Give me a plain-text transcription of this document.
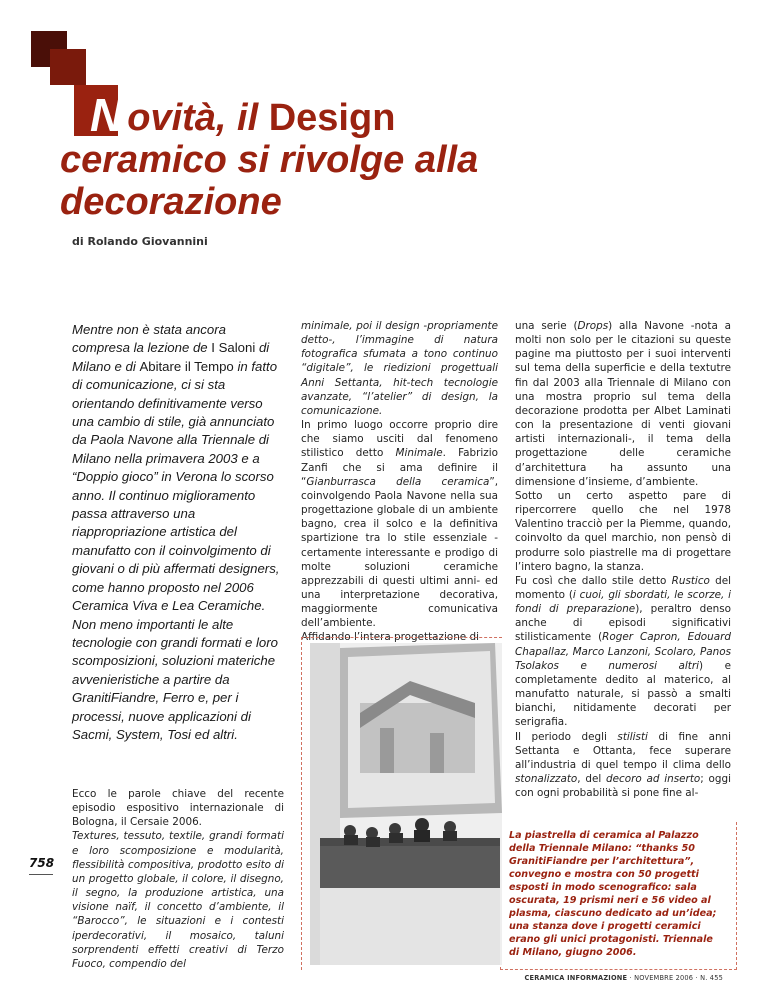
N ovità, il Design
ceramico si rivolge alla
decorazione
di Rolando Giovannini

Mentre non è stata ancora compresa la lezione de I Saloni di Milano e di Abitare il Tempo in fatto di comunicazione, ci si sta orientando definitivamente verso una cambio di stile, già annunciato da Paola Navone alla Triennale di Milano nella primavera 2003 e a “Doppio gioco” in Verona lo scorso anno. Il continuo miglioramento passa attraverso una riappropriazione artistica del manufatto con il coinvolgimento di giovani o di più affermati designers, come hanno proposto nel 2006 Ceramica Viva e Lea Ceramiche.
Non meno importanti le alte tecnologie con grandi formati e loro scomposizioni, soluzioni materiche avvenieristiche a partire da GranitiFiandre, Ferro e, per i processi, nuove applicazioni di Sacmi, System, Tosi ed altri.

Ecco le parole chiave del recente episodio espositivo internazionale di Bologna, il Cersaie 2006.
Textures, tessuto, textile, grandi formati e loro scomposizione e modularità, flessibilità compositiva, prodotto esito di un progetto globale, il colore, il disegno, il segno, la produzione artistica, una visione naïf, il concetto d’ambiente, il “Barocco”, le situazioni e i contesti iperdecorativi, il mosaico, taluni sorprendenti effetti creativi di Terzo Fuoco, compendio del

minimale, poi il design -propriamente detto-, l’immagine di natura fotografica sfumata a tono continuo “digitale”, le riedizioni progettuali Anni Settanta, hit-tech tecnologie avanzate, “l’atelier” di design, la comunicazione.
In primo luogo occorre proprio dire che siamo usciti dal fenomeno stilistico detto Minimale. Fabrizio Zanfi che si ama definire il “Gianburrasca della ceramica”, coinvolgendo Paola Navone nella sua progettazione globale di un ambiente bagno, crea il solco e la definitiva spartizione tra lo stile essenziale -certamente interessante e prodigo di molte soluzioni ceramiche apprezzabili di questi ultimi anni- ed una interpretazione decorativa, maggiormente comunicativa dell’ambiente.
Affidando l’intera progettazione di

una serie (Drops) alla Navone -nota a molti non solo per le citazioni su queste pagine ma piuttosto per i suoi interventi sul tema della superficie e della textutre fin dal 2003 alla Triennale di Milano con una mostra proprio sul tema della decorazione prodotta per Albet Laminati con la presentazione di venti giovani artisti internazionali-, il tema della progettazione delle ceramiche d’architettura ha assunto una dimensione d’insieme, d’ambiente.
Sotto un certo aspetto pare di ripercorrere quello che nel 1978 Valentino tracciò per la Piemme, quando, coinvolto da quel marchio, non pensò di produrre solo piastrelle ma di progettare l’intero bagno, la stanza.
Fu così che dallo stile detto Rustico del momento (i cuoi, gli sbordati, le scorze, i fondi di preparazione), peraltro denso anche di episodi significativi stilisticamente (Roger Capron, Edouard Chapallaz, Marco Lanzoni, Scolaro, Panos Tsolakos e numerosi altri) e completamente dedito al materico, al manufatto naturale, si passò a smalti bianchi, nitidamente decorati per serigrafia.
Il periodo degli stilisti di fine anni Settanta e Ottanta, fece superare all’industria di quel tempo il clima dello stonalizzato, del decoro ad inserto; oggi con ogni probabilità si pone fine al-

758
La piastrella di ceramica al Palazzo della Triennale Milano: “thanks 50 GranitiFiandre per l’architettura”, convegno e mostra con 50 progetti esposti in modo scenografico: sala oscurata, 19 prismi neri e 56 video al plasma, ciascuno dedicato ad un’idea; una stanza dove i progetti ceramici erano gli unici protagonisti. Triennale di Milano, giugno 2006.
CERAMICA INFORMAZIONE · NOVEMBRE 2006 · N. 455
